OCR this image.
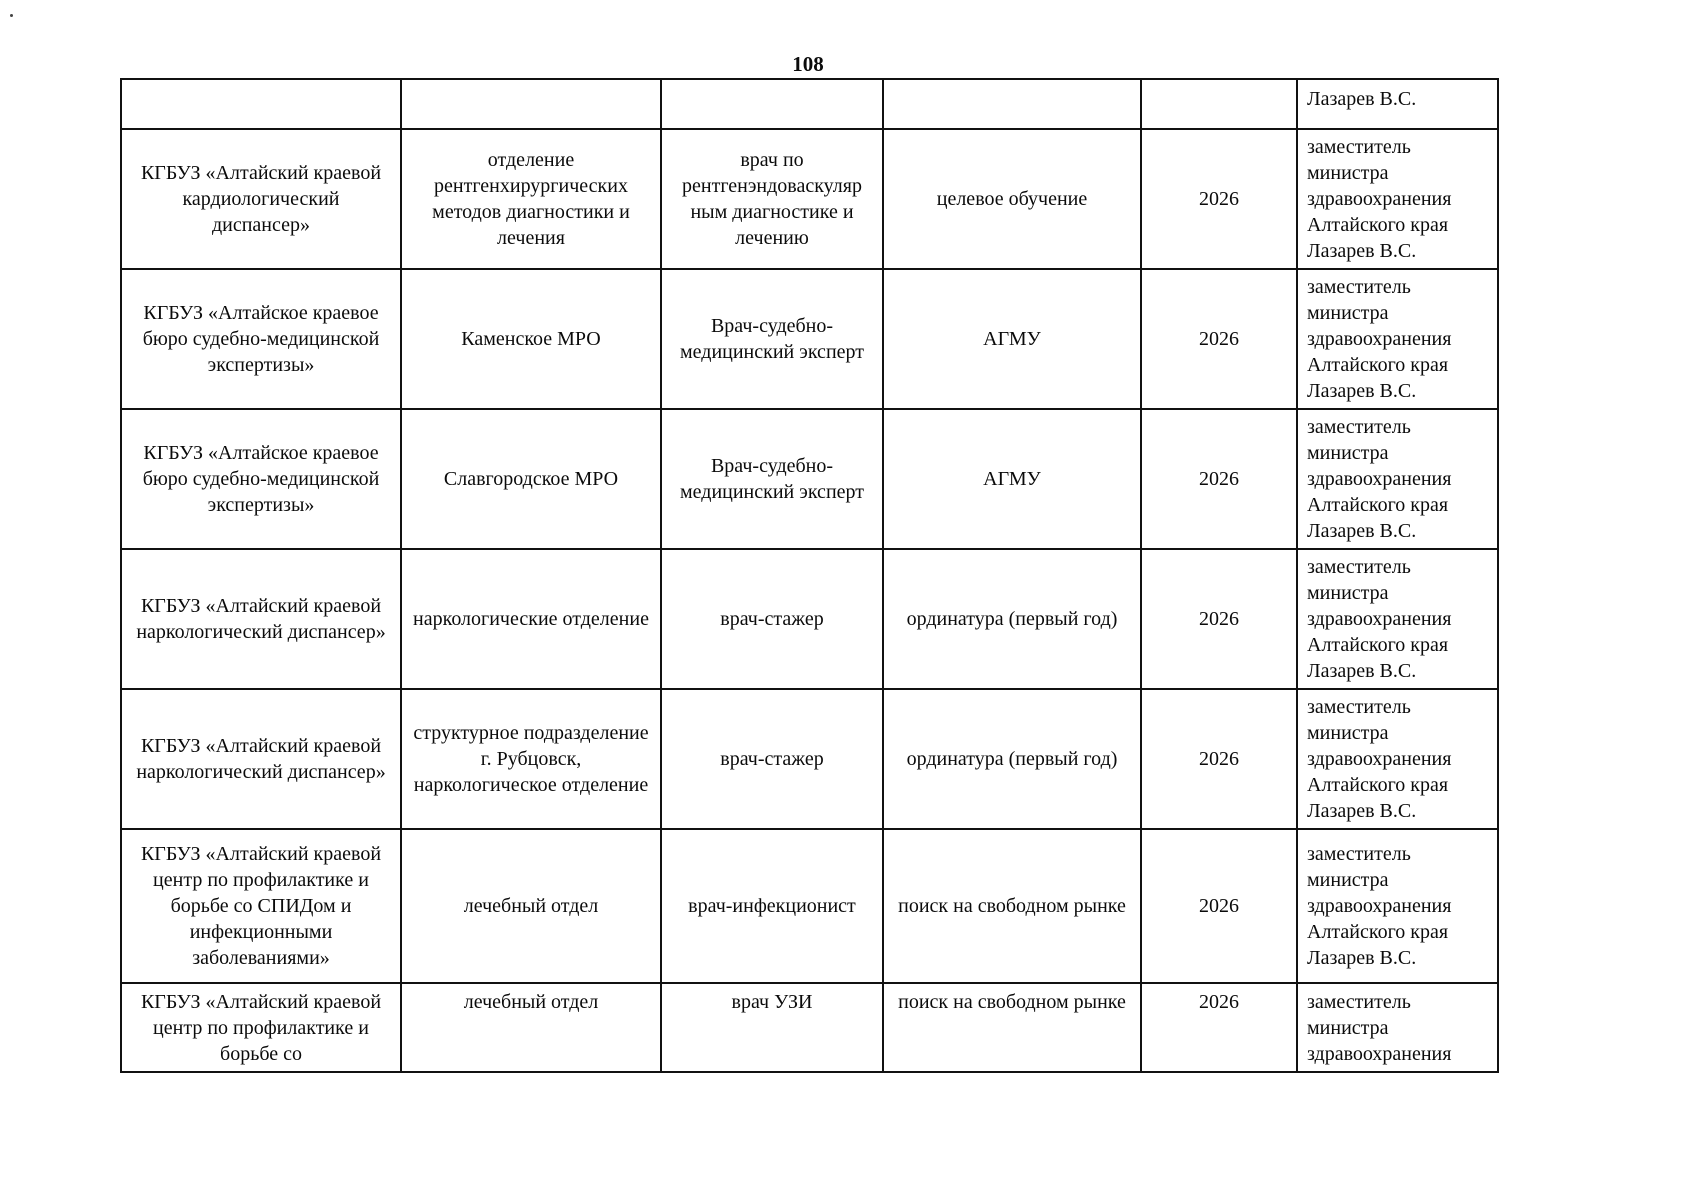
108
					Лазарев В.С.
КГБУЗ «Алтайский краевой кардиологический диспансер»	отделение рентгенхирургических методов диагностики и лечения	врач по рентгенэндоваскуляр ным диагностике и лечению	целевое обучение	2026	заместитель министра здравоохранения Алтайского края Лазарев В.С.
КГБУЗ «Алтайское краевое бюро судебно-медицинской экспертизы»	Каменское МРО	Врач-судебно-медицинский эксперт	АГМУ	2026	заместитель министра здравоохранения Алтайского края Лазарев В.С.
КГБУЗ «Алтайское краевое бюро судебно-медицинской экспертизы»	Славгородское МРО	Врач-судебно-медицинский эксперт	АГМУ	2026	заместитель министра здравоохранения Алтайского края Лазарев В.С.
КГБУЗ «Алтайский краевой наркологический диспансер»	наркологические отделение	врач-стажер	ординатура (первый год)	2026	заместитель министра здравоохранения Алтайского края Лазарев В.С.
КГБУЗ «Алтайский краевой наркологический диспансер»	структурное подразделение г. Рубцовск, наркологическое отделение	врач-стажер	ординатура (первый год)	2026	заместитель министра здравоохранения Алтайского края Лазарев В.С.
КГБУЗ «Алтайский краевой центр по профилактике и борьбе со СПИДом и инфекционными заболеваниями»	лечебный отдел	врач-инфекционист	поиск на свободном рынке	2026	заместитель министра здравоохранения Алтайского края Лазарев В.С.
КГБУЗ «Алтайский краевой центр по профилактике и борьбе со	лечебный отдел	врач УЗИ	поиск на свободном рынке	2026	заместитель министра здравоохранения
